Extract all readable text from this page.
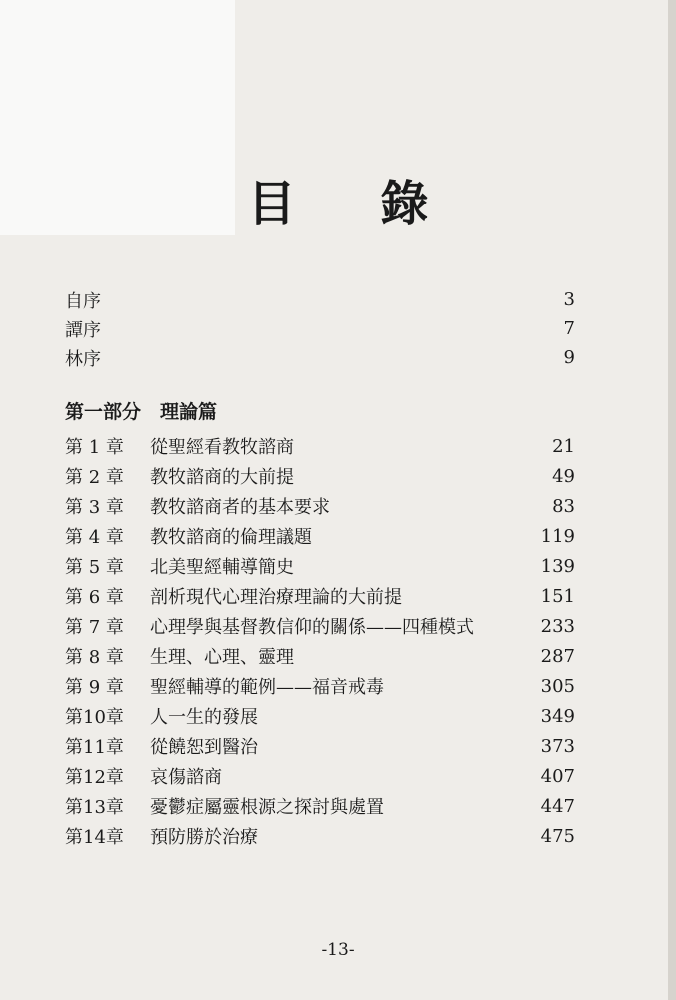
目 錄
自序	3
譚序	7
林序	9
第一部分　理論篇
第 1 章	從聖經看教牧諮商	21
第 2 章	教牧諮商的大前提	49
第 3 章	教牧諮商者的基本要求	83
第 4 章	教牧諮商的倫理議題	119
第 5 章	北美聖經輔導簡史	139
第 6 章	剖析現代心理治療理論的大前提	151
第 7 章	心理學與基督教信仰的關係——四種模式	233
第 8 章	生理、心理、靈理	287
第 9 章	聖經輔導的範例——福音戒毒	305
第10章	人一生的發展	349
第11章	從饒恕到醫治	373
第12章	哀傷諮商	407
第13章	憂鬱症屬靈根源之探討與處置	447
第14章	預防勝於治療	475
-13-
